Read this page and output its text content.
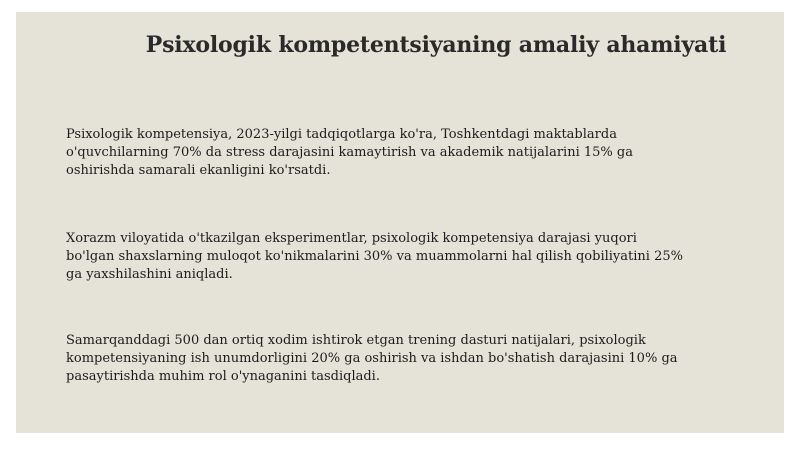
Psixologik kompetentsiyaning amaliy ahamiyati
Psixologik kompetensiya, 2023-yilgi tadqiqotlarga ko'ra, Toshkentdagi maktablarda
o'quvchilarning 70% da stress darajasini kamaytirish va akademik natijalarini 15% ga
oshirishda samarali ekanligini ko'rsatdi.
Xorazm viloyatida o'tkazilgan eksperimentlar, psixologik kompetensiya darajasi yuqori
bo'lgan shaxslarning muloqot ko'nikmalarini 30% va muammolarni hal qilish qobiliyatini 25%
ga yaxshilashini aniqladi.
Samarqanddagi 500 dan ortiq xodim ishtirok etgan trening dasturi natijalari, psixologik
kompetensiyaning ish unumdorligini 20% ga oshirish va ishdan bo'shatish darajasini 10% ga
pasaytirishda muhim rol o'ynaganini tasdiqladi.
